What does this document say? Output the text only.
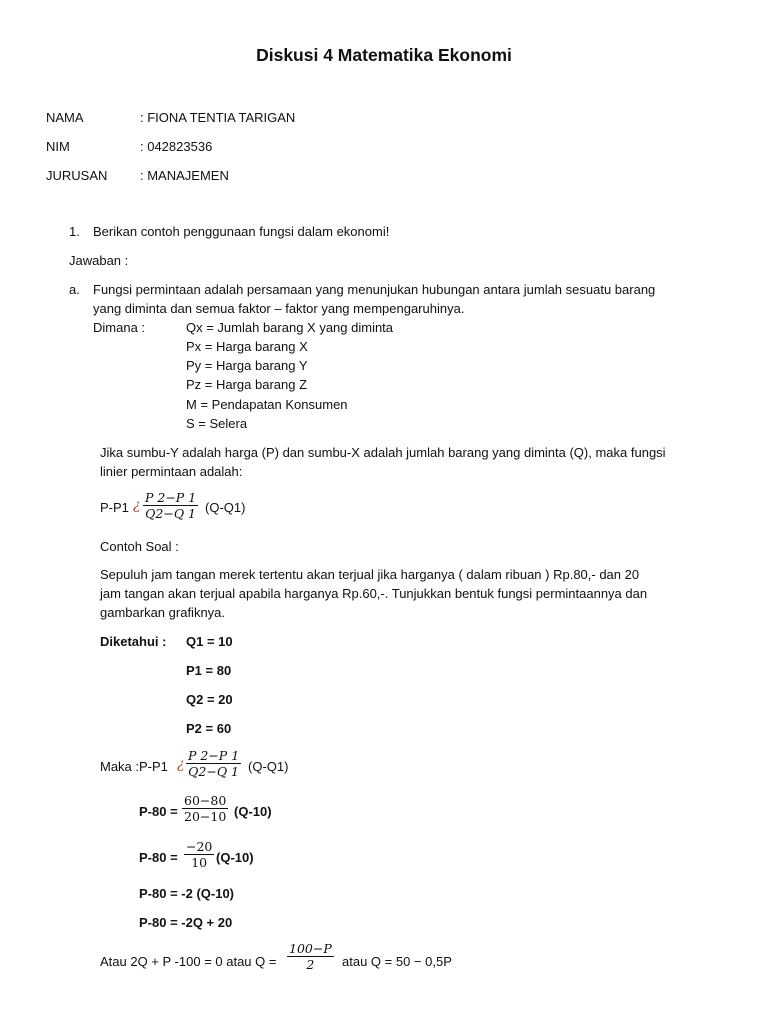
Diskusi 4 Matematika Ekonomi
NAMA	: FIONA TENTIA TARIGAN
NIM	: 042823536
JURUSAN	: MANAJEMEN
1. Berikan contoh penggunaan fungsi dalam ekonomi!
Jawaban :
a. Fungsi permintaan adalah persamaan yang menunjukan hubungan antara jumlah sesuatu barang
yang diminta dan semua faktor – faktor yang mempengaruhinya.
Dimana :	Qx = Jumlah barang X yang diminta
Px = Harga barang X
Py = Harga barang Y
Pz = Harga barang Z
M = Pendapatan Konsumen
S = Selera
Jika sumbu-Y adalah harga (P) dan sumbu-X adalah jumlah barang yang diminta (Q), maka fungsi
linier permintaan adalah:
P-P1 ¿ $\frac{P 2-P 1}{Q2-Q 1} (Q-Q1)$
Contoh Soal :
Sepuluh jam tangan merek tertentu akan terjual jika harganya ( dalam ribuan ) Rp.80,- dan 20
jam tangan akan terjual apabila harganya Rp.60,-. Tunjukkan bentuk fungsi permintaannya dan
gambarkan grafiknya.
Diketahui : Q1 = 10
P1 = 80
Q2 = 20
P2 = 60
Maka :P-P1 ¿ $\frac{P 2-P 1}{Q2-Q 1} (Q-Q1)$
$P-80 = \frac{60-80}{20-10} (Q-10)$
$P-80 = \frac{-20}{10} (Q-10)$
P-80 = -2 (Q-10)
P-80 = -2Q + 20
Atau 2Q + P -100 = 0 atau $Q = \frac{100-P}{2}$ atau Q = 50 − 0,5P
